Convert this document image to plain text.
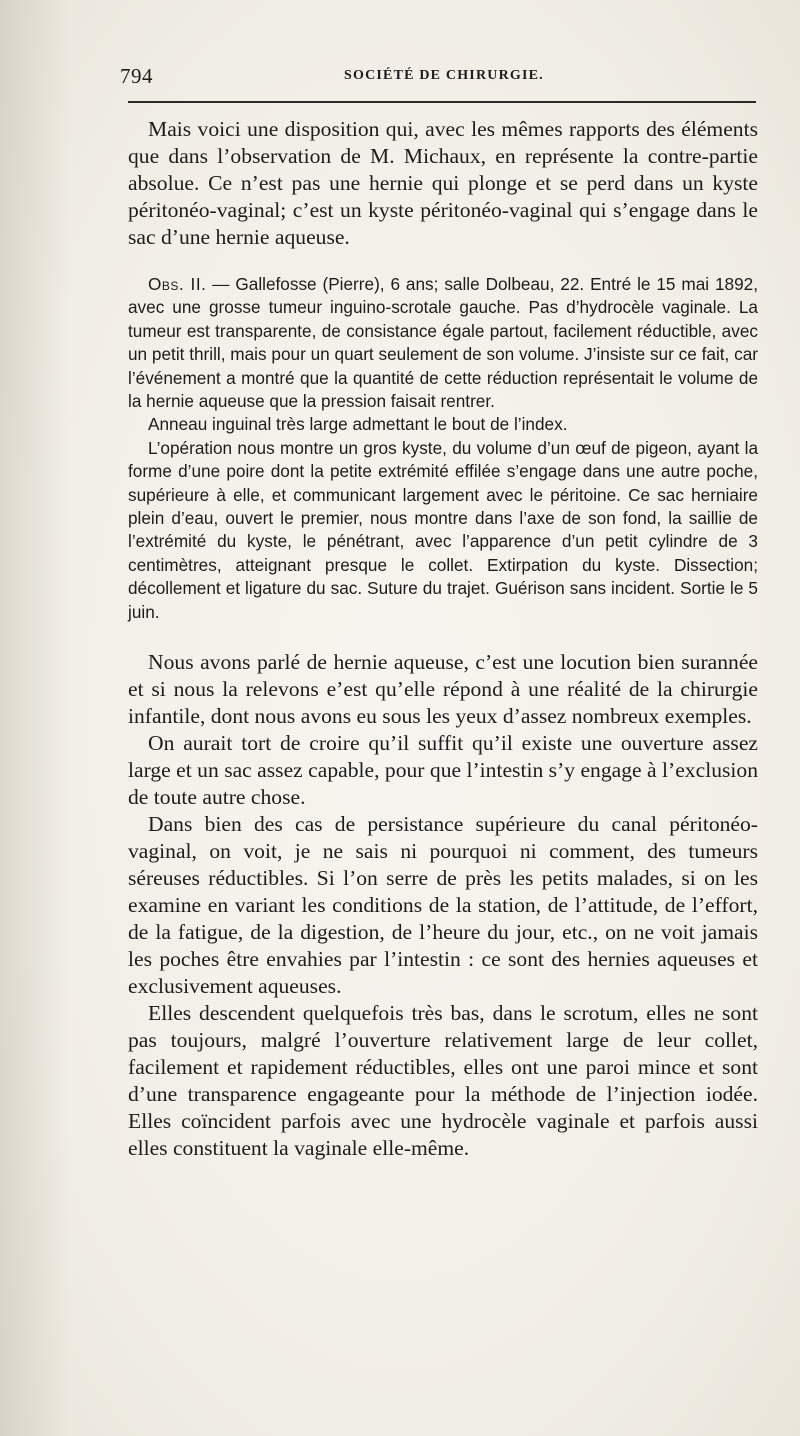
794	SOCIÉTÉ DE CHIRURGIE.

Mais voici une disposition qui, avec les mêmes rapports des éléments que dans l’observation de M. Michaux, en représente la contre-partie absolue. Ce n’est pas une hernie qui plonge et se perd dans un kyste péritonéo-vaginal; c’est un kyste péritonéo-vaginal qui s’engage dans le sac d’une hernie aqueuse.

Obs. II. — Gallefosse (Pierre), 6 ans; salle Dolbeau, 22. Entré le 15 mai 1892, avec une grosse tumeur inguino-scrotale gauche. Pas d’hydrocèle vaginale. La tumeur est transparente, de consistance égale partout, facilement réductible, avec un petit thrill, mais pour un quart seulement de son volume. J’insiste sur ce fait, car l’événement a montré que la quantité de cette réduction représentait le volume de la hernie aqueuse que la pression faisait rentrer.

Anneau inguinal très large admettant le bout de l’index.

L’opération nous montre un gros kyste, du volume d’un œuf de pigeon, ayant la forme d’une poire dont la petite extrémité effilée s’engage dans une autre poche, supérieure à elle, et communicant largement avec le péritoine. Ce sac herniaire plein d’eau, ouvert le premier, nous montre dans l’axe de son fond, la saillie de l’extrémité du kyste, le pénétrant, avec l’apparence d’un petit cylindre de 3 centimètres, atteignant presque le collet. Extirpation du kyste. Dissection; décollement et ligature du sac. Suture du trajet. Guérison sans incident. Sortie le 5 juin.

Nous avons parlé de hernie aqueuse, c’est une locution bien surannée et si nous la relevons e’est qu’elle répond à une réalité de la chirurgie infantile, dont nous avons eu sous les yeux d’assez nombreux exemples.

On aurait tort de croire qu’il suffit qu’il existe une ouverture assez large et un sac assez capable, pour que l’intestin s’y engage à l’exclusion de toute autre chose.

Dans bien des cas de persistance supérieure du canal péritonéo-vaginal, on voit, je ne sais ni pourquoi ni comment, des tumeurs séreuses réductibles. Si l’on serre de près les petits malades, si on les examine en variant les conditions de la station, de l’attitude, de l’effort, de la fatigue, de la digestion, de l’heure du jour, etc., on ne voit jamais les poches être envahies par l’intestin : ce sont des hernies aqueuses et exclusivement aqueuses.

Elles descendent quelquefois très bas, dans le scrotum, elles ne sont pas toujours, malgré l’ouverture relativement large de leur collet, facilement et rapidement réductibles, elles ont une paroi mince et sont d’une transparence engageante pour la méthode de l’injection iodée. Elles coïncident parfois avec une hydrocèle vaginale et parfois aussi elles constituent la vaginale elle-même.
